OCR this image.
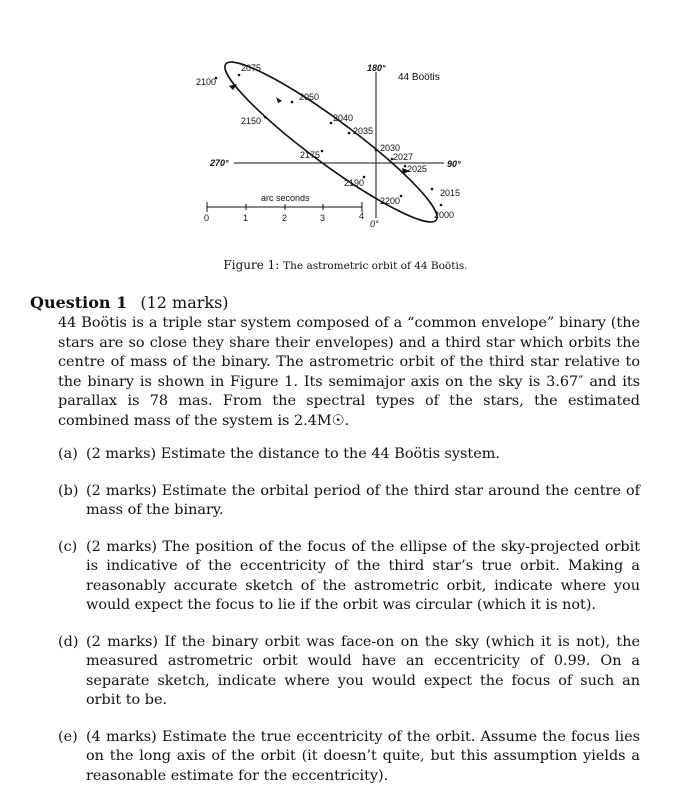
44 Boötis
180°
0°
270°	90°
2100
2075
2050
2150	2040
2035
2030
2027
2025
2175
2190
2200
2015
2000
arc seconds
0	1	2	3	4
Figure 1: The astrometric orbit of 44 Boötis.
Question 1 (12 marks)
44 Boötis is a triple star system composed of a “common envelope” binary (the stars are so close they share their envelopes) and a third star which orbits the centre of mass of the binary. The astrometric orbit of the third star relative to the binary is shown in Figure 1. Its semimajor axis on the sky is 3.67″ and its parallax is 78 mas. From the spectral types of the stars, the estimated combined mass of the system is 2.4M☉.
(a) (2 marks) Estimate the distance to the 44 Boötis system.
(b) (2 marks) Estimate the orbital period of the third star around the centre of mass of the binary.
(c) (2 marks) The position of the focus of the ellipse of the sky-projected orbit is indicative of the eccentricity of the third star’s true orbit. Making a reasonably accurate sketch of the astrometric orbit, indicate where you would expect the focus to lie if the orbit was circular (which it is not).
(d) (2 marks) If the binary orbit was face-on on the sky (which it is not), the measured astrometric orbit would have an eccentricity of 0.99. On a separate sketch, indicate where you would expect the focus of such an orbit to be.
(e) (4 marks) Estimate the true eccentricity of the orbit. Assume the focus lies on the long axis of the orbit (it doesn’t quite, but this assumption yields a reasonable estimate for the eccentricity).
